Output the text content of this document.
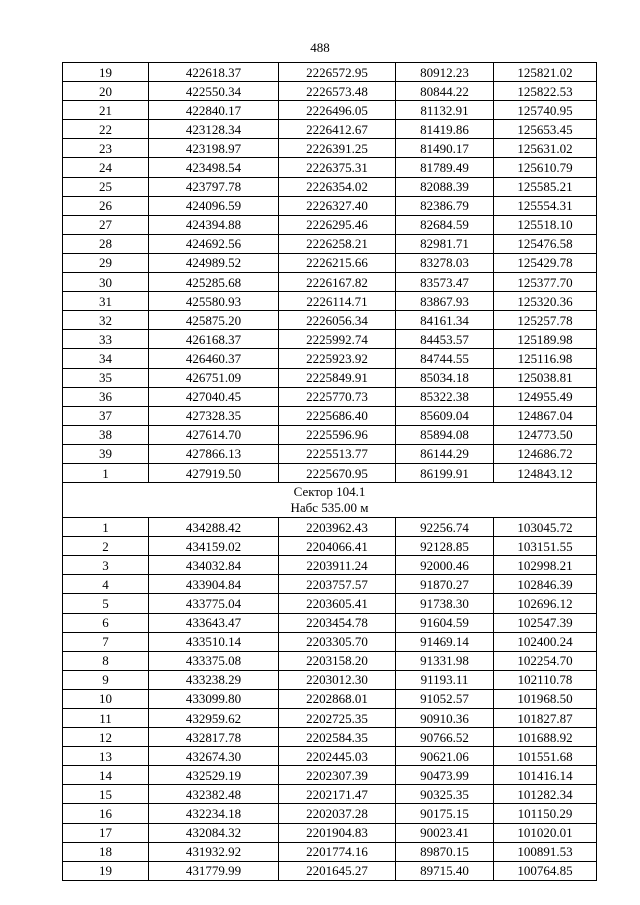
488
19	422618.37	2226572.95	80912.23	125821.02
20	422550.34	2226573.48	80844.22	125822.53
21	422840.17	2226496.05	81132.91	125740.95
22	423128.34	2226412.67	81419.86	125653.45
23	423198.97	2226391.25	81490.17	125631.02
24	423498.54	2226375.31	81789.49	125610.79
25	423797.78	2226354.02	82088.39	125585.21
26	424096.59	2226327.40	82386.79	125554.31
27	424394.88	2226295.46	82684.59	125518.10
28	424692.56	2226258.21	82981.71	125476.58
29	424989.52	2226215.66	83278.03	125429.78
30	425285.68	2226167.82	83573.47	125377.70
31	425580.93	2226114.71	83867.93	125320.36
32	425875.20	2226056.34	84161.34	125257.78
33	426168.37	2225992.74	84453.57	125189.98
34	426460.37	2225923.92	84744.55	125116.98
35	426751.09	2225849.91	85034.18	125038.81
36	427040.45	2225770.73	85322.38	124955.49
37	427328.35	2225686.40	85609.04	124867.04
38	427614.70	2225596.96	85894.08	124773.50
39	427866.13	2225513.77	86144.29	124686.72
1	427919.50	2225670.95	86199.91	124843.12

Сектор 104.1
Набс 535.00 м				

1	434288.42	2203962.43	92256.74	103045.72
2	434159.02	2204066.41	92128.85	103151.55
3	434032.84	2203911.24	92000.46	102998.21
4	433904.84	2203757.57	91870.27	102846.39
5	433775.04	2203605.41	91738.30	102696.12
6	433643.47	2203454.78	91604.59	102547.39
7	433510.14	2203305.70	91469.14	102400.24
8	433375.08	2203158.20	91331.98	102254.70
9	433238.29	2203012.30	91193.11	102110.78
10	433099.80	2202868.01	91052.57	101968.50
11	432959.62	2202725.35	90910.36	101827.87
12	432817.78	2202584.35	90766.52	101688.92
13	432674.30	2202445.03	90621.06	101551.68
14	432529.19	2202307.39	90473.99	101416.14
15	432382.48	2202171.47	90325.35	101282.34
16	432234.18	2202037.28	90175.15	101150.29
17	432084.32	2201904.83	90023.41	101020.01
18	431932.92	2201774.16	89870.15	100891.53
19	431779.99	2201645.27	89715.40	100764.85
